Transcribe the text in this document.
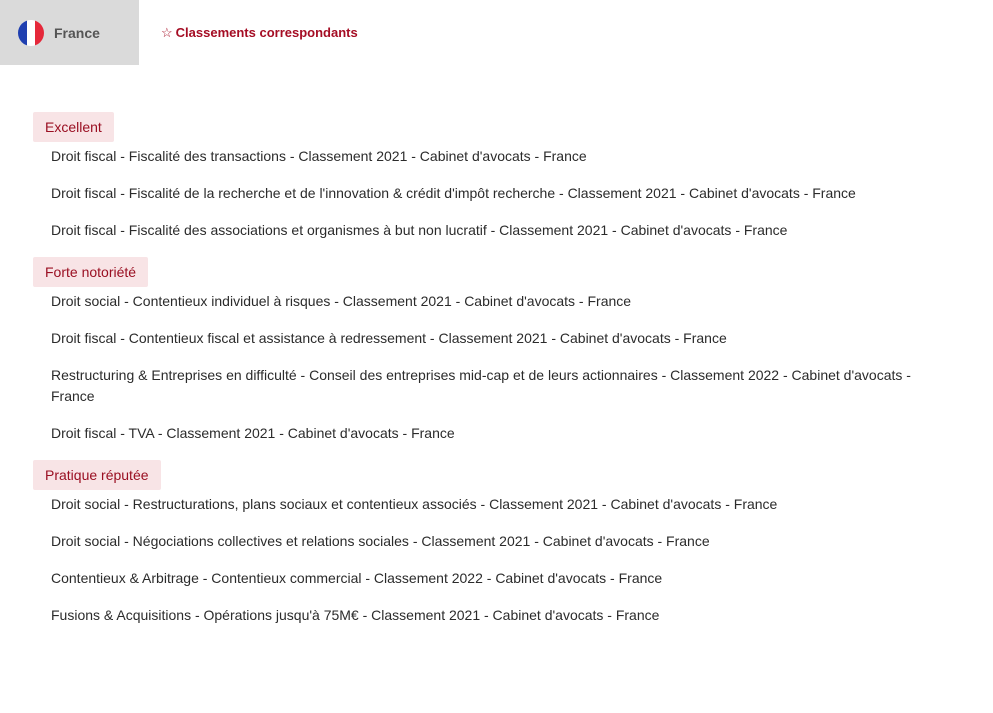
France	☆ Classements correspondants
Excellent
Droit fiscal - Fiscalité des transactions - Classement 2021 - Cabinet d'avocats - France
Droit fiscal - Fiscalité de la recherche et de l'innovation & crédit d'impôt recherche - Classement 2021 - Cabinet d'avocats - France
Droit fiscal - Fiscalité des associations et organismes à but non lucratif - Classement 2021 - Cabinet d'avocats - France
Forte notoriété
Droit social - Contentieux individuel à risques - Classement 2021 - Cabinet d'avocats - France
Droit fiscal - Contentieux fiscal et assistance à redressement - Classement 2021 - Cabinet d'avocats - France
Restructuring & Entreprises en difficulté - Conseil des entreprises mid-cap et de leurs actionnaires - Classement 2022 - Cabinet d'avocats - France
Droit fiscal - TVA - Classement 2021 - Cabinet d'avocats - France
Pratique réputée
Droit social - Restructurations, plans sociaux et contentieux associés - Classement 2021 - Cabinet d'avocats - France
Droit social - Négociations collectives et relations sociales - Classement 2021 - Cabinet d'avocats - France
Contentieux & Arbitrage - Contentieux commercial - Classement 2022 - Cabinet d'avocats - France
Fusions & Acquisitions - Opérations jusqu'à 75M€ - Classement 2021 - Cabinet d'avocats - France
